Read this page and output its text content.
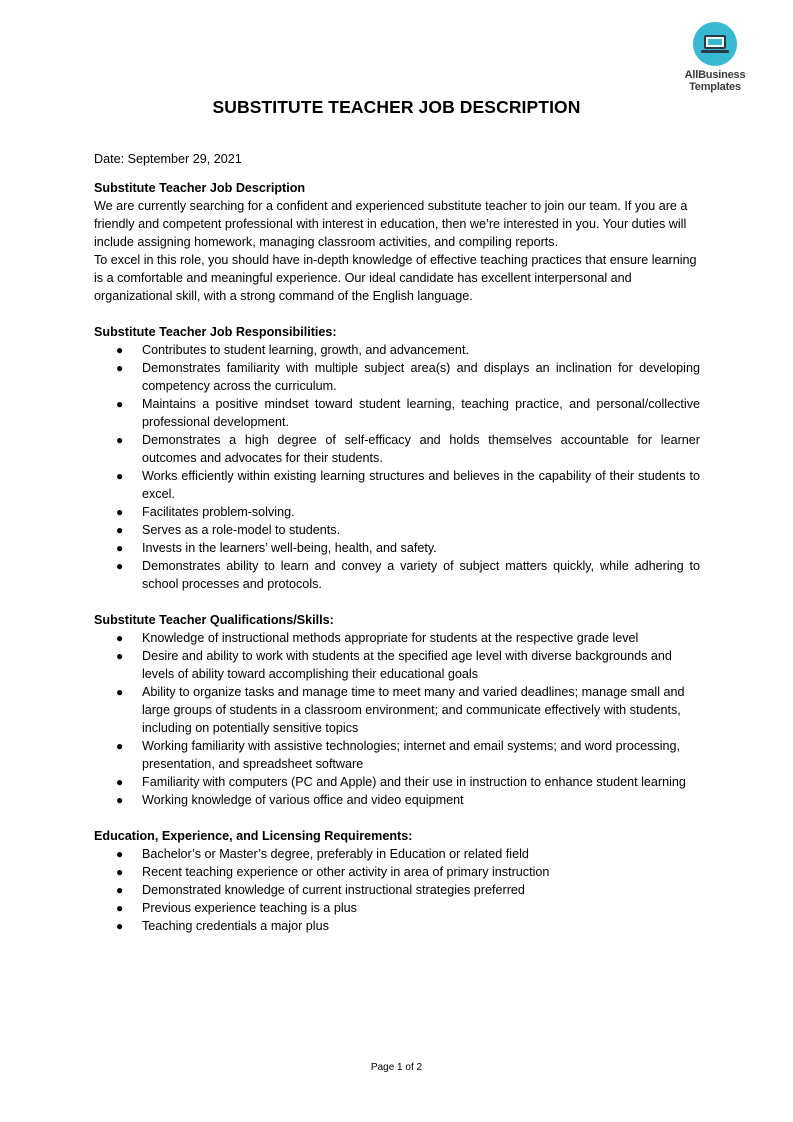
AllBusiness
Templates
SUBSTITUTE TEACHER JOB DESCRIPTION

Date: September 29, 2021

Substitute Teacher Job Description

We are currently searching for a confident and experienced substitute teacher to join our team. If you are a friendly and competent professional with interest in education, then we’re interested in you. Your duties will include assigning homework, managing classroom activities, and compiling reports.

To excel in this role, you should have in-depth knowledge of effective teaching practices that ensure learning is a comfortable and meaningful experience. Our ideal candidate has excellent interpersonal and organizational skill, with a strong command of the English language.

Substitute Teacher Job Responsibilities:

● Contributes to student learning, growth, and advancement.
● Demonstrates familiarity with multiple subject area(s) and displays an inclination for developing competency across the curriculum.
● Maintains a positive mindset toward student learning, teaching practice, and personal/collective professional development.
● Demonstrates a high degree of self-efficacy and holds themselves accountable for learner outcomes and advocates for their students.
● Works efficiently within existing learning structures and believes in the capability of their students to excel.
● Facilitates problem-solving.
● Serves as a role-model to students.
● Invests in the learners’ well-being, health, and safety.
● Demonstrates ability to learn and convey a variety of subject matters quickly, while adhering to school processes and protocols.

Substitute Teacher Qualifications/Skills:

● Knowledge of instructional methods appropriate for students at the respective grade level
● Desire and ability to work with students at the specified age level with diverse backgrounds and levels of ability toward accomplishing their educational goals
● Ability to organize tasks and manage time to meet many and varied deadlines; manage small and large groups of students in a classroom environment; and communicate effectively with students, including on potentially sensitive topics
● Working familiarity with assistive technologies; internet and email systems; and word processing, presentation, and spreadsheet software
● Familiarity with computers (PC and Apple) and their use in instruction to enhance student learning
● Working knowledge of various office and video equipment

Education, Experience, and Licensing Requirements:

● Bachelor’s or Master’s degree, preferably in Education or related field
● Recent teaching experience or other activity in area of primary instruction
● Demonstrated knowledge of current instructional strategies preferred
● Previous experience teaching is a plus
● Teaching credentials a major plus
Page 1 of 2
